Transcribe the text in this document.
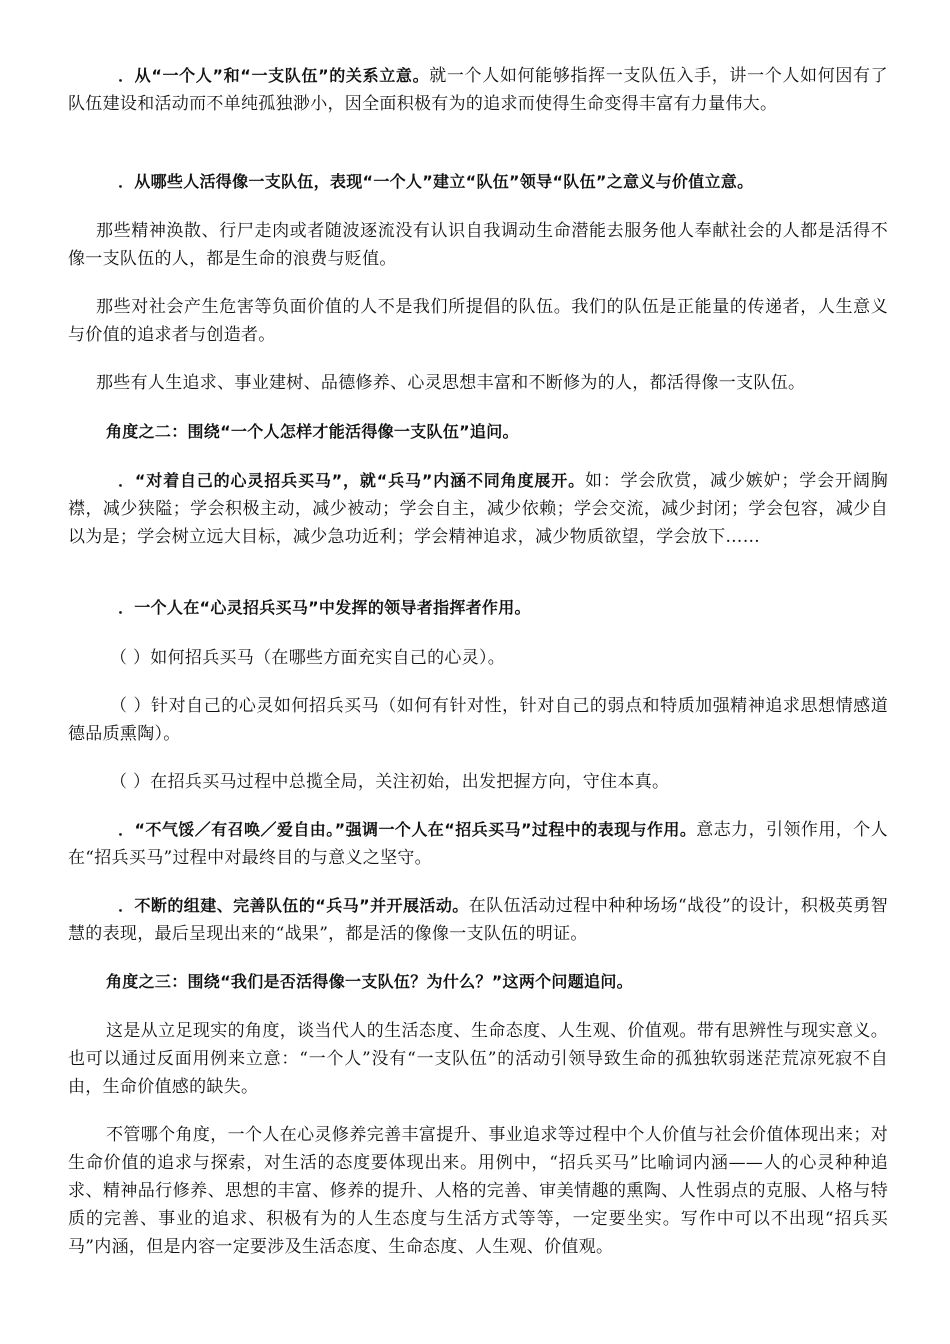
．从“一个人”和“一支队伍”的关系立意。就一个人如何能够指挥一支队伍入手，讲一个人如何因有了队伍建设和活动而不单纯孤独渺小，因全面积极有为的追求而使得生命变得丰富有力量伟大。

．从哪些人活得像一支队伍，表现“一个人”建立“队伍”领导“队伍”之意义与价值立意。

那些精神涣散、行尸走肉或者随波逐流没有认识自我调动生命潜能去服务他人奉献社会的人都是活得不像一支队伍的人，都是生命的浪费与贬值。

那些对社会产生危害等负面价值的人不是我们所提倡的队伍。我们的队伍是正能量的传递者，人生意义与价值的追求者与创造者。

那些有人生追求、事业建树、品德修养、心灵思想丰富和不断修为的人，都活得像一支队伍。

角度之二：围绕“一个人怎样才能活得像一支队伍”追问。

．“对着自己的心灵招兵买马”，就“兵马”内涵不同角度展开。如：学会欣赏，减少嫉妒；学会开阔胸襟，减少狭隘；学会积极主动，减少被动；学会自主，减少依赖；学会交流，减少封闭；学会包容，减少自以为是；学会树立远大目标，减少急功近利；学会精神追求，减少物质欲望，学会放下……

．一个人在“心灵招兵买马”中发挥的领导者指挥者作用。

（ ）如何招兵买马（在哪些方面充实自己的心灵）。

（ ）针对自己的心灵如何招兵买马（如何有针对性，针对自己的弱点和特质加强精神追求思想情感道德品质熏陶）。

（ ）在招兵买马过程中总揽全局，关注初始，出发把握方向，守住本真。

．“不气馁／有召唤／爱自由。”强调一个人在“招兵买马”过程中的表现与作用。意志力，引领作用，个人在“招兵买马”过程中对最终目的与意义之坚守。

．不断的组建、完善队伍的“兵马”并开展活动。在队伍活动过程中种种场场“战役”的设计，积极英勇智慧的表现，最后呈现出来的“战果”，都是活的像像一支队伍的明证。

角度之三：围绕“我们是否活得像一支队伍？为什么？”这两个问题追问。

这是从立足现实的角度，谈当代人的生活态度、生命态度、人生观、价值观。带有思辨性与现实意义。也可以通过反面用例来立意：“一个人”没有“一支队伍”的活动引领导致生命的孤独软弱迷茫荒凉死寂不自由，生命价值感的缺失。

不管哪个角度，一个人在心灵修养完善丰富提升、事业追求等过程中个人价值与社会价值体现出来；对生命价值的追求与探索，对生活的态度要体现出来。用例中，“招兵买马”比喻词内涵——人的心灵种种追求、精神品行修养、思想的丰富、修养的提升、人格的完善、审美情趣的熏陶、人性弱点的克服、人格与特质的完善、事业的追求、积极有为的人生态度与生活方式等等，一定要坐实。写作中可以不出现“招兵买马”内涵，但是内容一定要涉及生活态度、生命态度、人生观、价值观。
